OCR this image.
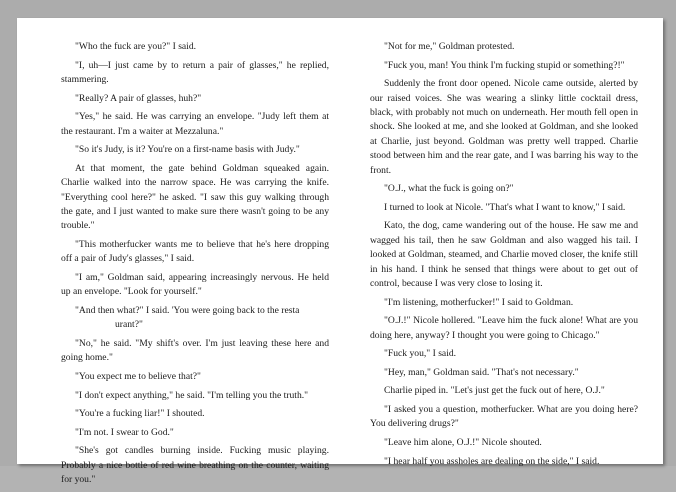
"Who the fuck are you?" I said.

"I, uh—I just came by to return a pair of glasses," he replied, stammering.

"Really? A pair of glasses, huh?"

"Yes," he said. He was carrying an envelope. "Judy left them at the restaurant. I'm a waiter at Mezzaluna."

"So it's Judy, is it? You're on a first-name basis with Judy."

At that moment, the gate behind Goldman squeaked again. Charlie walked into the narrow space. He was carrying the knife. "Everything cool here?" he asked. "I saw this guy walking through the gate, and I just wanted to make sure there wasn't going to be any trouble."

"This motherfucker wants me to believe that he's here dropping off a pair of Judy's glasses," I said.

"I am," Goldman said, appearing increasingly nervous. He held up an envelope. "Look for yourself."

"And then what?" I said. 'You were going back to the resta

urant?"

"No," he said. "My shift's over. I'm just leaving these here and going home."

"You expect me to believe that?"

"I don't expect anything," he said. "I'm telling you the truth."

"You're a fucking liar!" I shouted.

"I'm not. I swear to God."

"She's got candles burning inside. Fucking music playing. Probably a nice bottle of red wine breathing on the counter, waiting for you."

"Not for me," Goldman protested.

"Fuck you, man! You think I'm fucking stupid or something?!"

Suddenly the front door opened. Nicole came outside, alerted by our raised voices. She was wearing a slinky little cocktail dress, black, with probably not much on underneath. Her mouth fell open in shock. She looked at me, and she looked at Goldman, and she looked at Charlie, just beyond. Goldman was pretty well trapped. Charlie stood between him and the rear gate, and I was barring his way to the front.

"O.J., what the fuck is going on?"

I turned to look at Nicole. "That's what I want to know," I said.

Kato, the dog, came wandering out of the house. He saw me and wagged his tail, then he saw Goldman and also wagged his tail. I looked at Goldman, steamed, and Charlie moved closer, the knife still in his hand. I think he sensed that things were about to get out of control, because I was very close to losing it.

"I'm listening, motherfucker!" I said to Goldman.

"O.J.!" Nicole hollered. "Leave him the fuck alone! What are you doing here, anyway? I thought you were going to Chicago."

"Fuck you," I said.

"Hey, man," Goldman said. "That's not necessary."

Charlie piped in. "Let's just get the fuck out of here, O.J."

"I asked you a question, motherfucker. What are you doing here? You delivering drugs?"

"Leave him alone, O.J.!" Nicole shouted.

"I hear half you assholes are dealing on the side," I said.
